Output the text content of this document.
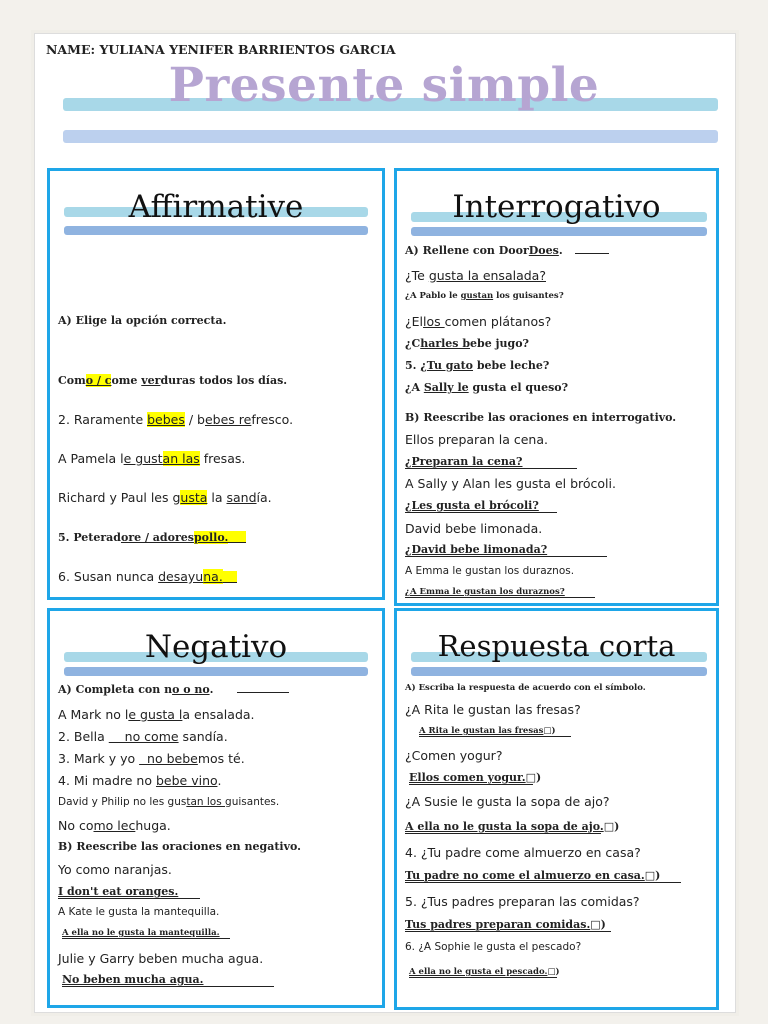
NAME: YULIANA YENIFER BARRIENTOS GARCIA
Presente simple
Affirmative
A) Elige la opción correcta.
Como / come verduras todos los días.
2. Raramente bebes / bebes refresco.
A Pamela le gustan las fresas.
Richard y Paul les gusta la sandía.
5. Peteradore / adorespollo.
6. Susan nunca desayuna.
Interrogativo
A) Rellene con DoorDoes.
¿Te gusta la ensalada?
¿A Pablo le gustan los guisantes?
¿Ellos comen plátanos?
¿Charles bebe jugo?
5. ¿Tu gato bebe leche?
¿A Sally le gusta el queso?
B) Reescribe las oraciones en interrogativo.
Ellos preparan la cena.
¿Preparan la cena?
A Sally y Alan les gusta el brócoli.
¿Les gusta el brócoli?
David bebe limonada.
¿David bebe limonada?
A Emma le gustan los duraznos.
¿A Emma le gustan los duraznos?
Negativo
A) Completa con no o no.
A Mark no le gusta la ensalada.
2. Bella     no come sandía.
3. Mark y yo   no bebemos té.
4. Mi madre no bebe vino.
David y Philip no les gustan los guisantes.
No como lechuga.
B) Reescribe las oraciones en negativo.
Yo como naranjas.
I don't eat oranges.
A Kate le gusta la mantequilla.
A ella no le gusta la mantequilla.
Julie y Garry beben mucha agua.
No beben mucha agua.
Respuesta corta
A) Escriba la respuesta de acuerdo con el símbolo.
¿A Rita le gustan las fresas?
A Rita le gustan las fresas□)
¿Comen yogur?
Ellos comen yogur.□)
¿A Susie le gusta la sopa de ajo?
A ella no le gusta la sopa de ajo.□)
4. ¿Tu padre come almuerzo en casa?
Tu padre no come el almuerzo en casa.□)
5. ¿Tus padres preparan las comidas?
Tus padres preparan comidas.□)
6. ¿A Sophie le gusta el pescado?
A ella no le gusta el pescado.□)
